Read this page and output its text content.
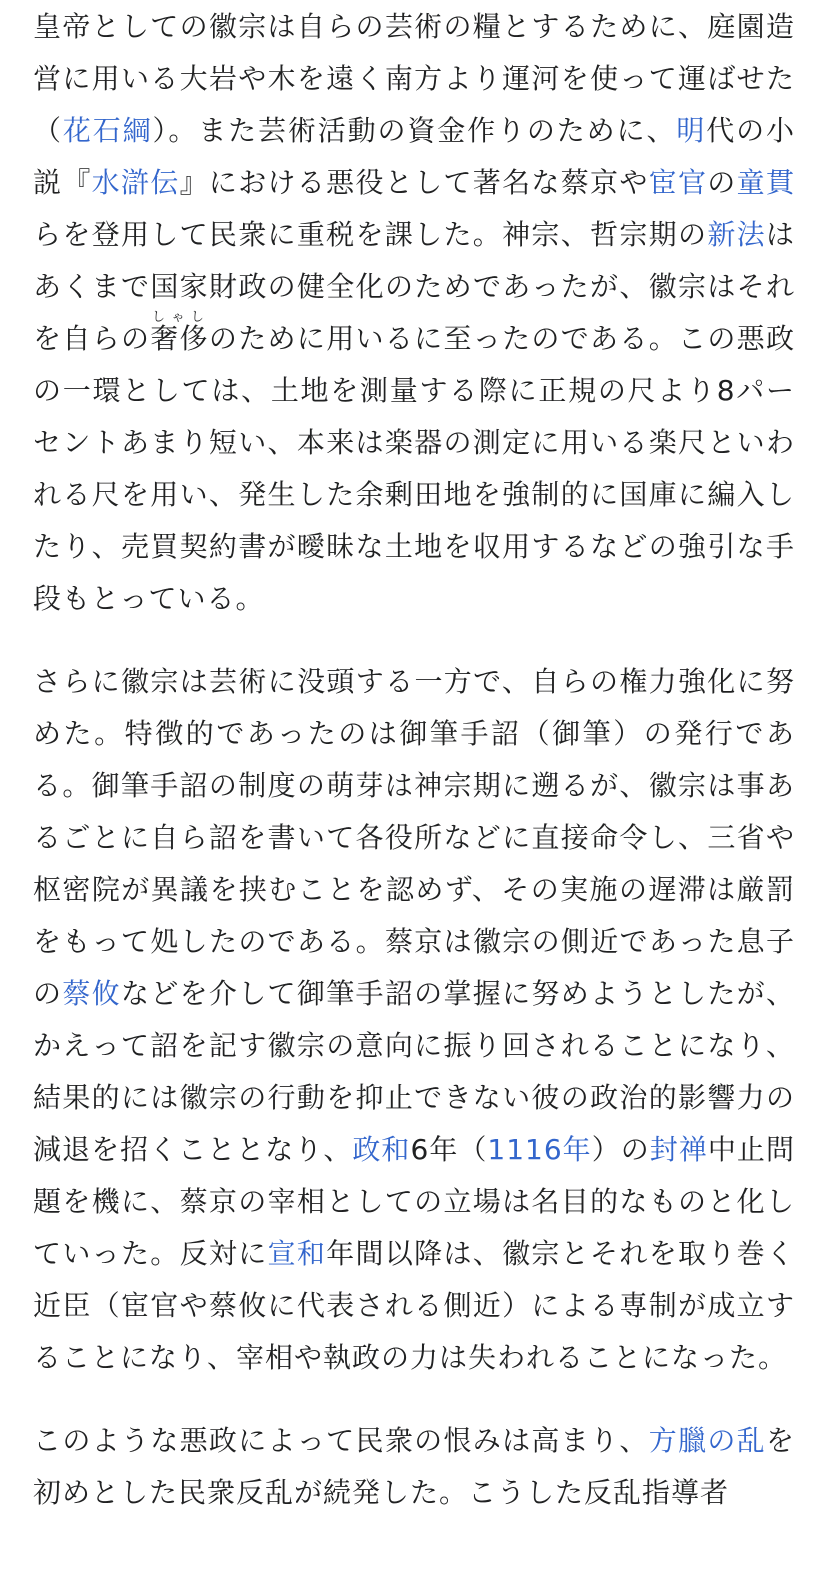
皇帝としての徽宗は自らの芸術の糧とするために、庭園造営に用いる大岩や木を遠く南方より運河を使って運ばせた（花石綱）。また芸術活動の資金作りのために、明代の小説『水滸伝』における悪役として著名な蔡京や宦官の童貫らを登用して民衆に重税を課した。神宗、哲宗期の新法はあくまで国家財政の健全化のためであったが、徽宗はそれを自らの奢侈しゃしのために用いるに至ったのである。この悪政の一環としては、土地を測量する際に正規の尺より8パーセントあまり短い、本来は楽器の測定に用いる楽尺といわれる尺を用い、発生した余剰田地を強制的に国庫に編入したり、売買契約書が曖昧な土地を収用するなどの強引な手段もとっている。

さらに徽宗は芸術に没頭する一方で、自らの権力強化に努めた。特徴的であったのは御筆手詔（御筆）の発行である。御筆手詔の制度の萌芽は神宗期に遡るが、徽宗は事あるごとに自ら詔を書いて各役所などに直接命令し、三省や枢密院が異議を挟むことを認めず、その実施の遅滞は厳罰をもって処したのである。蔡京は徽宗の側近であった息子の蔡攸などを介して御筆手詔の掌握に努めようとしたが、かえって詔を記す徽宗の意向に振り回されることになり、結果的には徽宗の行動を抑止できない彼の政治的影響力の減退を招くこととなり、政和6年（1116年）の封禅中止問題を機に、蔡京の宰相としての立場は名目的なものと化していった。反対に宣和年間以降は、徽宗とそれを取り巻く近臣（宦官や蔡攸に代表される側近）による専制が成立することになり、宰相や執政の力は失われることになった。

このような悪政によって民衆の恨みは高まり、方臘の乱を初めとした民衆反乱が続発した。こうした反乱指導者
